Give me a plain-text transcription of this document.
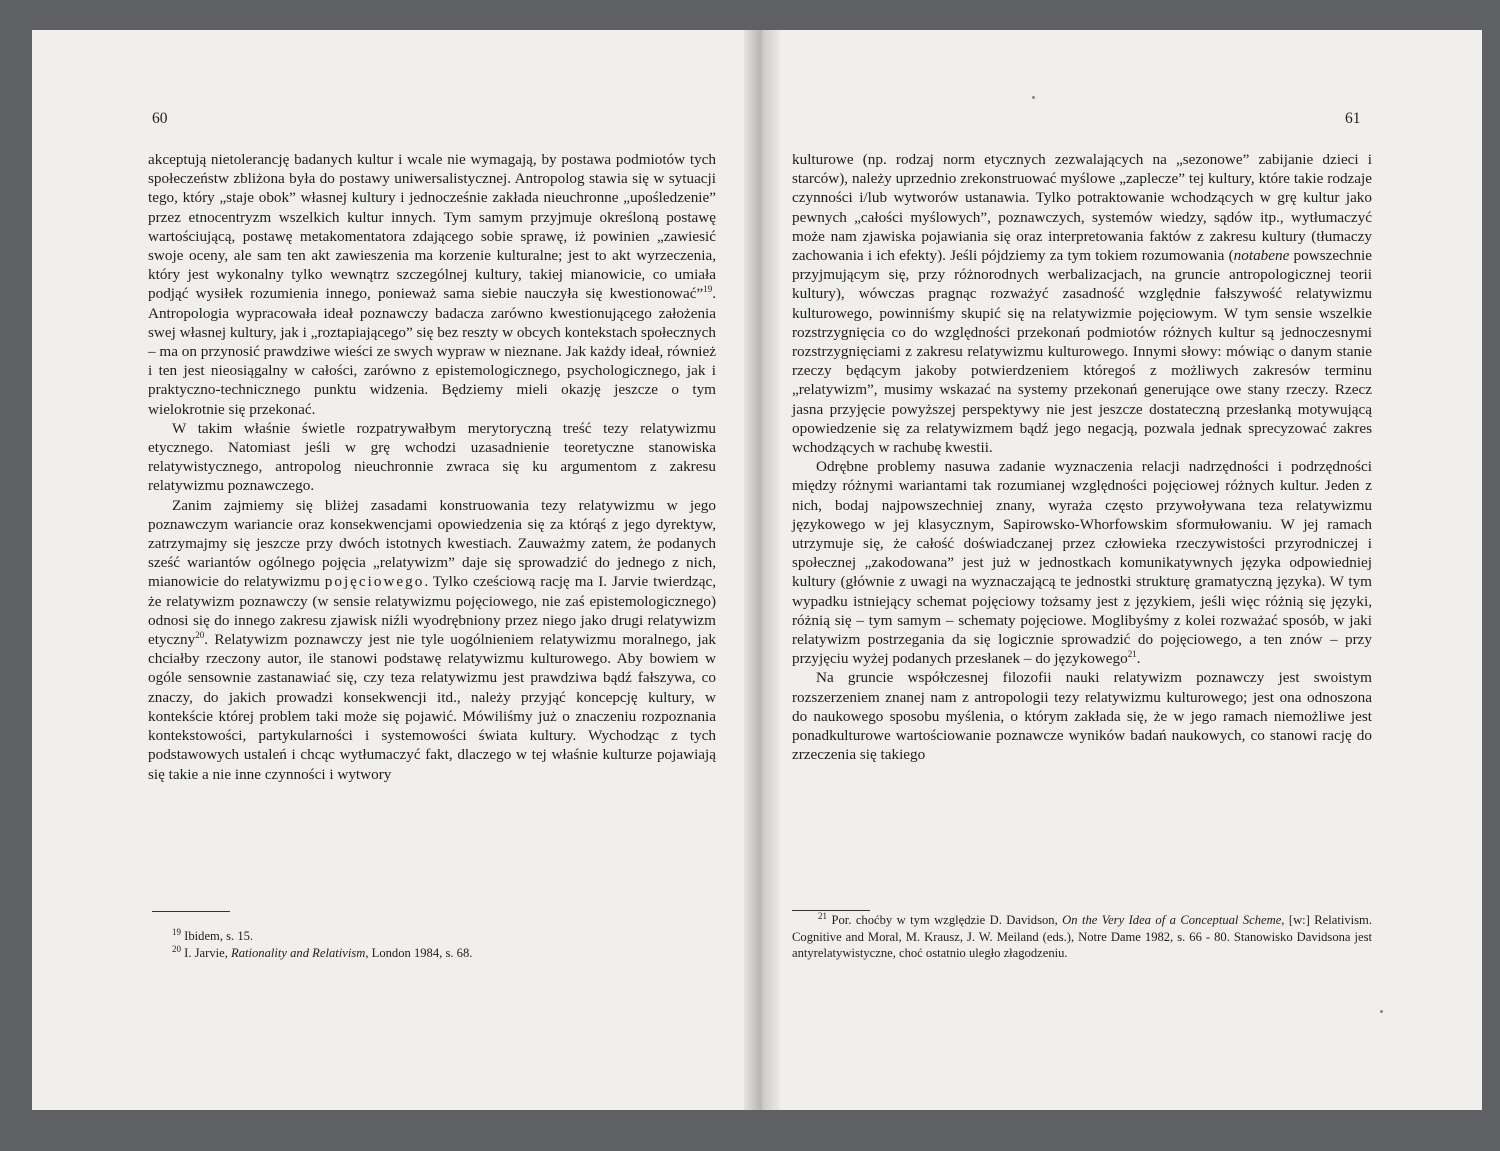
60

akceptują nietolerancję badanych kultur i wcale nie wymagają, by postawa podmiotów tych społeczeństw zbliżona była do postawy uniwersalistycznej. Antropolog stawia się w sytuacji tego, który „staje obok” własnej kultury i jednocześnie zakłada nieuchronne „upośledzenie” przez etnocentryzm wszelkich kultur innych. Tym samym przyjmuje określoną postawę wartościującą, postawę metakomentatora zdającego sobie sprawę, iż powinien „zawiesić swoje oceny, ale sam ten akt zawieszenia ma korzenie kulturalne; jest to akt wyrzeczenia, który jest wykonalny tylko wewnątrz szczególnej kultury, takiej mianowicie, co umiała podjąć wysiłek rozumienia innego, ponieważ sama siebie nauczyła się kwestionować”$^{19}$. Antropologia wypracowała ideał poznawczy badacza zarówno kwestionującego założenia swej własnej kultury, jak i „roztapiającego” się bez reszty w obcych kontekstach społecznych – ma on przynosić prawdziwe wieści ze swych wypraw w nieznane. Jak każdy ideał, również i ten jest nieosiągalny w całości, zarówno z epistemologicznego, psychologicznego, jak i praktyczno-technicznego punktu widzenia. Będziemy mieli okazję jeszcze o tym wielokrotnie się przekonać.

W takim właśnie świetle rozpatrywałbym merytoryczną treść tezy relatywizmu etycznego. Natomiast jeśli w grę wchodzi uzasadnienie teoretyczne stanowiska relatywistycznego, antropolog nieuchronnie zwraca się ku argumentom z zakresu relatywizmu poznawczego.

Zanim zajmiemy się bliżej zasadami konstruowania tezy relatywizmu w jego poznawczym wariancie oraz konsekwencjami opowiedzenia się za którąś z jego dyrektyw, zatrzymajmy się jeszcze przy dwóch istotnych kwestiach. Zauważmy zatem, że podanych sześć wariantów ogólnego pojęcia „relatywizm” daje się sprowadzić do jednego z nich, mianowicie do relatywizmu pojęciowego. Tylko cześciową rację ma I. Jarvie twierdząc, że relatywizm poznawczy (w sensie relatywizmu pojęciowego, nie zaś epistemologicznego) odnosi się do innego zakresu zjawisk niźli wyodrębniony przez niego jako drugi relatywizm etyczny$^{20}$. Relatywizm poznawczy jest nie tyle uogólnieniem relatywizmu moralnego, jak chciałby rzeczony autor, ile stanowi podstawę relatywizmu kulturowego. Aby bowiem w ogóle sensownie zastanawiać się, czy teza relatywizmu jest prawdziwa bądź fałszywa, co znaczy, do jakich prowadzi konsekwencji itd., należy przyjąć koncepcję kultury, w kontekście której problem taki może się pojawić. Mówiliśmy już o znaczeniu rozpoznania kontekstowości, partykularności i systemowości świata kultury. Wychodząc z tych podstawowych ustaleń i chcąc wytłumaczyć fakt, dlaczego w tej właśnie kulturze pojawiają się takie a nie inne czynności i wytwory

$^{19}$ Ibidem, s. 15.

$^{20}$ I. Jarvie, Rationality and Relativism, London 1984, s. 68.

61

kulturowe (np. rodzaj norm etycznych zezwalających na „sezonowe” zabijanie dzieci i starców), należy uprzednio zrekonstruować myślowe „zaplecze” tej kultury, które takie rodzaje czynności i/lub wytworów ustanawia. Tylko potraktowanie wchodzących w grę kultur jako pewnych „całości myślowych”, poznawczych, systemów wiedzy, sądów itp., wytłumaczyć może nam zjawiska pojawiania się oraz interpretowania faktów z zakresu kultury (tłumaczy zachowania i ich efekty). Jeśli pójdziemy za tym tokiem rozumowania (notabene powszechnie przyjmującym się, przy różnorodnych werbalizacjach, na gruncie antropologicznej teorii kultury), wówczas pragnąc rozważyć zasadność względnie fałszywość relatywizmu kulturowego, powinniśmy skupić się na relatywizmie pojęciowym. W tym sensie wszelkie rozstrzygnięcia co do względności przekonań podmiotów różnych kultur są jednoczesnymi rozstrzygnięciami z zakresu relatywizmu kulturowego. Innymi słowy: mówiąc o danym stanie rzeczy będącym jakoby potwierdzeniem któregoś z możliwych zakresów terminu „relatywizm”, musimy wskazać na systemy przekonań generujące owe stany rzeczy. Rzecz jasna przyjęcie powyższej perspektywy nie jest jeszcze dostateczną przesłanką motywującą opowiedzenie się za relatywizmem bądź jego negacją, pozwala jednak sprecyzować zakres wchodzących w rachubę kwestii.

Odrębne problemy nasuwa zadanie wyznaczenia relacji nadrzędności i podrzędności między różnymi wariantami tak rozumianej względności pojęciowej różnych kultur. Jeden z nich, bodaj najpowszechniej znany, wyraża często przywoływana teza relatywizmu językowego w jej klasycznym, Sapirowsko-Whorfowskim sformułowaniu. W jej ramach utrzymuje się, że całość doświadczanej przez człowieka rzeczywistości przyrodniczej i społecznej „zakodowana” jest już w jednostkach komunikatywnych języka odpowiedniej kultury (głównie z uwagi na wyznaczającą te jednostki strukturę gramatyczną języka). W tym wypadku istniejący schemat pojęciowy tożsamy jest z językiem, jeśli więc różnią się języki, różnią się – tym samym – schematy pojęciowe. Moglibyśmy z kolei rozważać sposób, w jaki relatywizm postrzegania da się logicznie sprowadzić do pojęciowego, a ten znów – przy przyjęciu wyżej podanych przesłanek – do językowego$^{21}$.

Na gruncie współczesnej filozofii nauki relatywizm poznawczy jest swoistym rozszerzeniem znanej nam z antropologii tezy relatywizmu kulturowego; jest ona odnoszona do naukowego sposobu myślenia, o którym zakłada się, że w jego ramach niemożliwe jest ponadkulturowe wartościowanie poznawcze wyników badań naukowych, co stanowi rację do zrzeczenia się takiego

$^{21}$ Por. choćby w tym względzie D. Davidson, On the Very Idea of a Conceptual Scheme, [w:] Relativism. Cognitive and Moral, M. Krausz, J. W. Meiland (eds.), Notre Dame 1982, s. 66 - 80. Stanowisko Davidsona jest antyrelatywistyczne, choć ostatnio uległo złagodzeniu.
